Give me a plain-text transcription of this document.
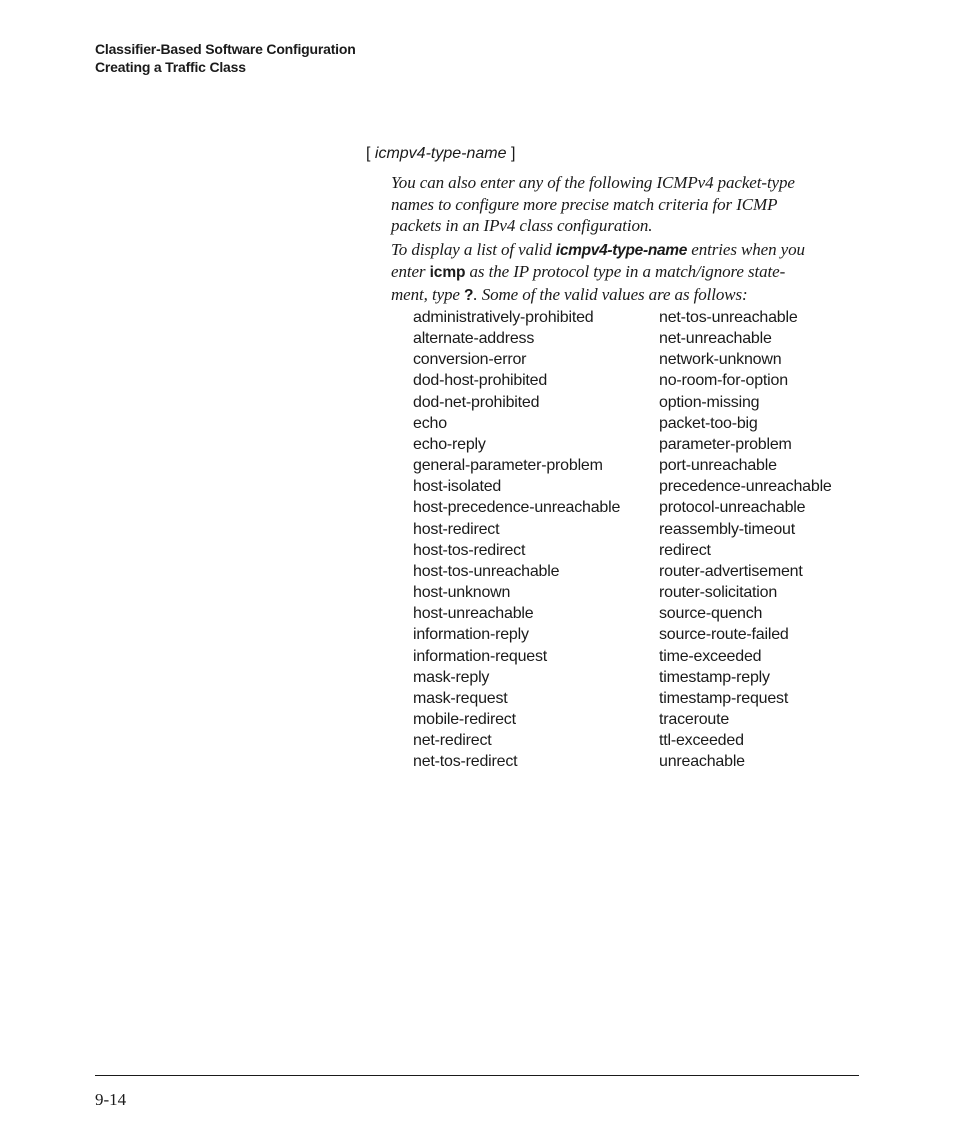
Classifier-Based Software Configuration
Creating a Traffic Class
[ icmpv4-type-name ]
You can also enter any of the following ICMPv4 packet-type
names to configure more precise match criteria for ICMP
packets in an IPv4 class configuration.
To display a list of valid icmpv4-type-name entries when you
enter icmp as the IP protocol type in a match/ignore state-
ment, type ?. Some of the valid values are as follows:
administratively-prohibited
alternate-address
conversion-error
dod-host-prohibited
dod-net-prohibited
echo
echo-reply
general-parameter-problem
host-isolated
host-precedence-unreachable
host-redirect
host-tos-redirect
host-tos-unreachable
host-unknown
host-unreachable
information-reply
information-request
mask-reply
mask-request
mobile-redirect
net-redirect
net-tos-redirect
net-tos-unreachable
net-unreachable
network-unknown
no-room-for-option
option-missing
packet-too-big
parameter-problem
port-unreachable
precedence-unreachable
protocol-unreachable
reassembly-timeout
redirect
router-advertisement
router-solicitation
source-quench
source-route-failed
time-exceeded
timestamp-reply
timestamp-request
traceroute
ttl-exceeded
unreachable
9-14
